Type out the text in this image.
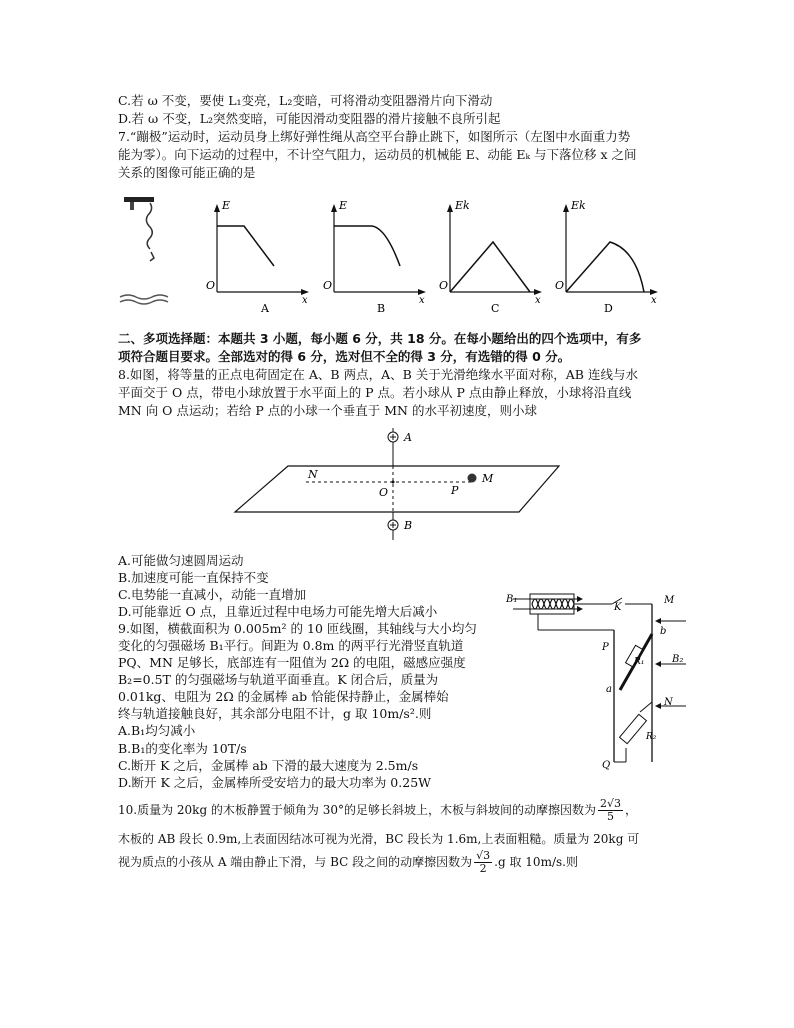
C.若 ω 不变，要使 L₁变亮，L₂变暗，可将滑动变阻器滑片向下滑动
D.若 ω 不变，L₂突然变暗，可能因滑动变阻器的滑片接触不良所引起
7.“蹦极”运动时，运动员身上绑好弹性绳从高空平台静止跳下，如图所示（左图中水面重力势
能为零）。向下运动的过程中，不计空气阻力，运动员的机械能 E、动能 Eₖ 与下落位移 x 之间
关系的图像可能正确的是
E
O
x
A
E
O
x
B
Ek
O
x
C
Ek
O
x
D
A
B
N
O	P
M
B₁
K
M
P
b
R₁	B₂
a
N
R₂
Q
二、多项选择题：本题共 3 小题，每小题 6 分，共 18 分。在每小题给出的四个选项中，有多
项符合题目要求。全部选对的得 6 分，选对但不全的得 3 分，有选错的得 0 分。
8.如图，将等量的正点电荷固定在 A、B 两点，A、B 关于光滑绝缘水平面对称，AB 连线与水
平面交于 O 点，带电小球放置于水平面上的 P 点。若小球从 P 点由静止释放，小球将沿直线
MN 向 O 点运动；若给 P 点的小球一个垂直于 MN 的水平初速度，则小球
A.可能做匀速圆周运动
B.加速度可能一直保持不变
C.电势能一直减小，动能一直增加
D.可能靠近 O 点，且靠近过程中电场力可能先增大后减小
9.如图，横截面积为 0.005m² 的 10 匝线圈，其轴线与大小均匀
变化的匀强磁场 B₁平行。间距为 0.8m 的两平行光滑竖直轨道
PQ、MN 足够长，底部连有一阻值为 2Ω 的电阻，磁感应强度
B₂=0.5T 的匀强磁场与轨道平面垂直。K 闭合后，质量为
0.01kg、电阻为 2Ω 的金属棒 ab 恰能保持静止，金属棒始
终与轨道接触良好，其余部分电阻不计，g 取 10m/s².则
A.B₁均匀减小
B.B₁的变化率为 10T/s
C.断开 K 之后，金属棒 ab 下滑的最大速度为 2.5m/s
D.断开 K 之后，金属棒所受安培力的最大功率为 0.25W
10.质量为 20kg 的木板静置于倾角为 30°的足够长斜坡上，木板与斜坡间的动摩擦因数为 $\frac{2√3}{5}$ ，
木板的 AB 段长 0.9m,上表面因结冰可视为光滑，BC 段长为 1.6m,上表面粗糙。质量为 20kg 可
视为质点的小孩从 A 端由静止下滑，与 BC 段之间的动摩擦因数为 $\frac{√3}{2} .g$ 取 10m/s.则
